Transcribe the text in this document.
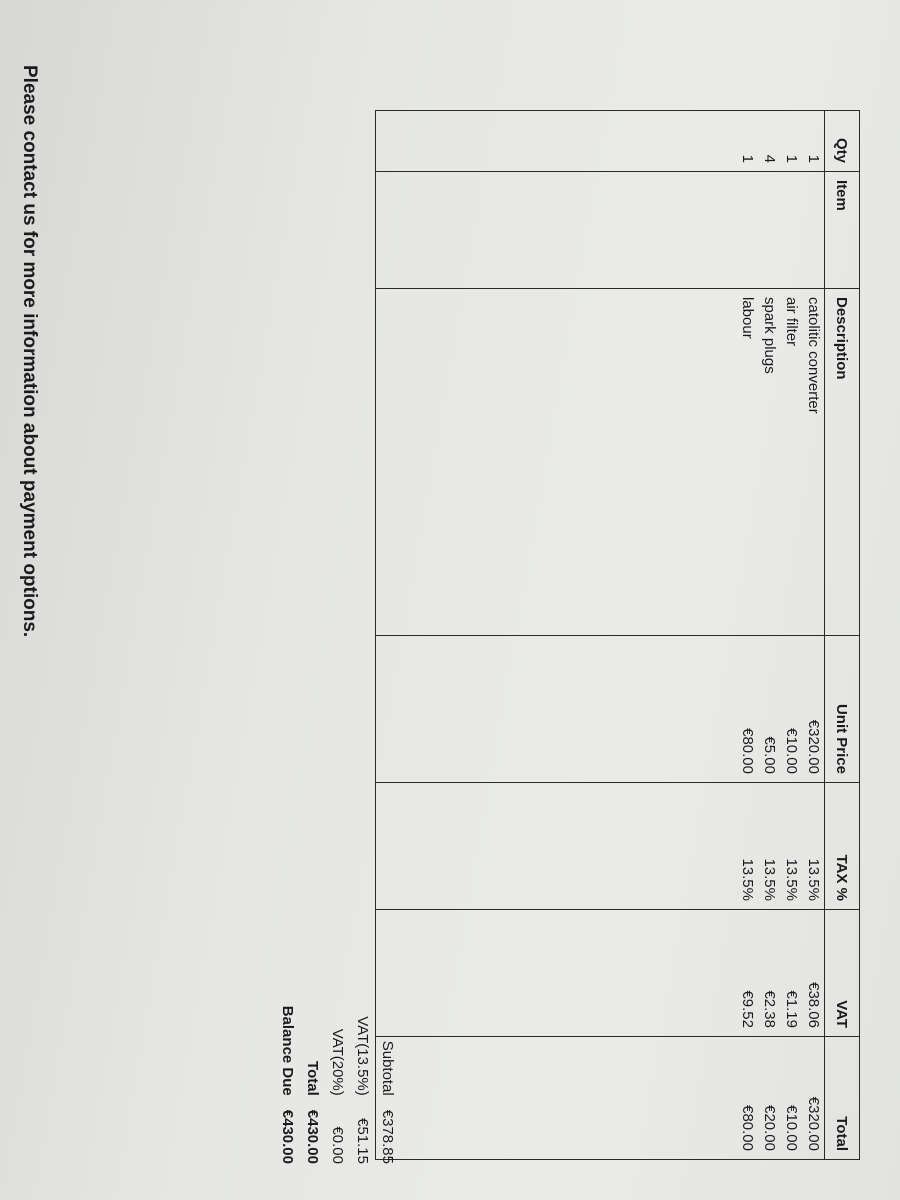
Qty	Item	Description	Unit Price	TAX %	VAT	Total
1		catolitic converter	€320.00	13.5%	€38.06	€320.00
1		air filter	€10.00	13.5%	€1.19	€10.00
4		spark plugs	€5.00	13.5%	€2.38	€20.00
1		labour	€80.00	13.5%	€9.52	€80.00

Subtotal	€378.85
VAT(13.5%)	€51.15
VAT(20%)	€0.00
Total	€430.00
Balance Due	€430.00
Please contact us for more information about payment options.
